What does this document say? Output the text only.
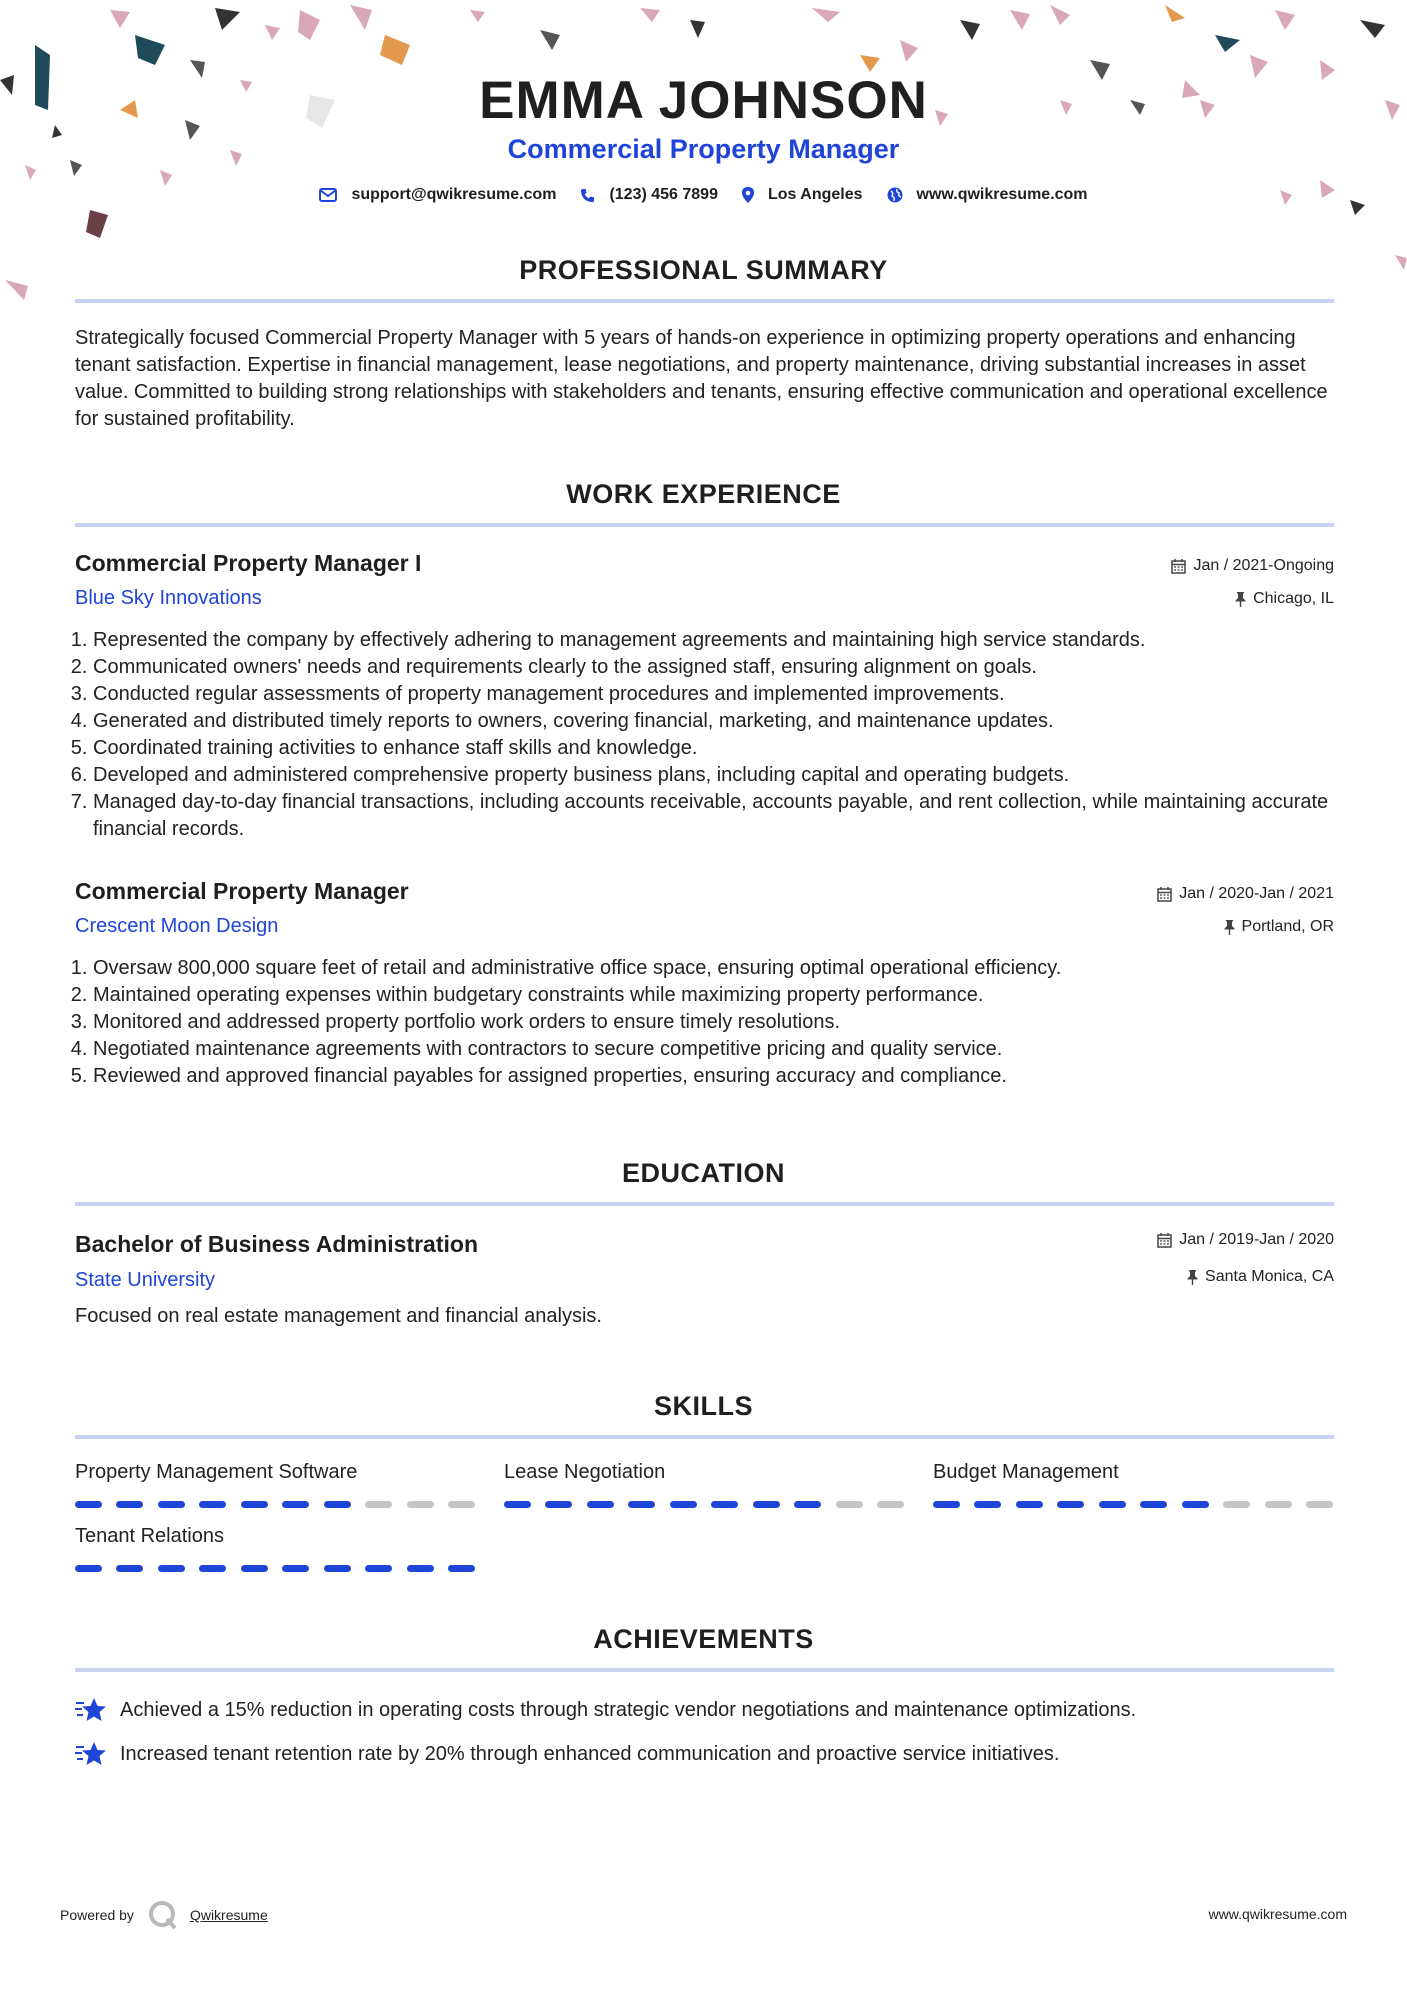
EMMA JOHNSON
Commercial Property Manager
support@qwikresume.com	(123) 456 7899	Los Angeles	www.qwikresume.com
PROFESSIONAL SUMMARY
Strategically focused Commercial Property Manager with 5 years of hands-on experience in optimizing property operations and enhancing tenant satisfaction. Expertise in financial management, lease negotiations, and property maintenance, driving substantial increases in asset value. Committed to building strong relationships with stakeholders and tenants, ensuring effective communication and operational excellence for sustained profitability.
WORK EXPERIENCE
Commercial Property Manager I
Blue Sky Innovations
Jan / 2021-Ongoing
Chicago, IL
1. Represented the company by effectively adhering to management agreements and maintaining high service standards.
2. Communicated owners' needs and requirements clearly to the assigned staff, ensuring alignment on goals.
3. Conducted regular assessments of property management procedures and implemented improvements.
4. Generated and distributed timely reports to owners, covering financial, marketing, and maintenance updates.
5. Coordinated training activities to enhance staff skills and knowledge.
6. Developed and administered comprehensive property business plans, including capital and operating budgets.
7. Managed day-to-day financial transactions, including accounts receivable, accounts payable, and rent collection, while maintaining accurate financial records.
Commercial Property Manager
Crescent Moon Design
Jan / 2020-Jan / 2021
Portland, OR
1. Oversaw 800,000 square feet of retail and administrative office space, ensuring optimal operational efficiency.
2. Maintained operating expenses within budgetary constraints while maximizing property performance.
3. Monitored and addressed property portfolio work orders to ensure timely resolutions.
4. Negotiated maintenance agreements with contractors to secure competitive pricing and quality service.
5. Reviewed and approved financial payables for assigned properties, ensuring accuracy and compliance.
EDUCATION
Bachelor of Business Administration
State University
Jan / 2019-Jan / 2020
Santa Monica, CA
Focused on real estate management and financial analysis.
SKILLS
Property Management Software	Lease Negotiation	Budget Management
Tenant Relations
ACHIEVEMENTS
Achieved a 15% reduction in operating costs through strategic vendor negotiations and maintenance optimizations.
Increased tenant retention rate by 20% through enhanced communication and proactive service initiatives.
Powered by	Qwikresume	www.qwikresume.com
